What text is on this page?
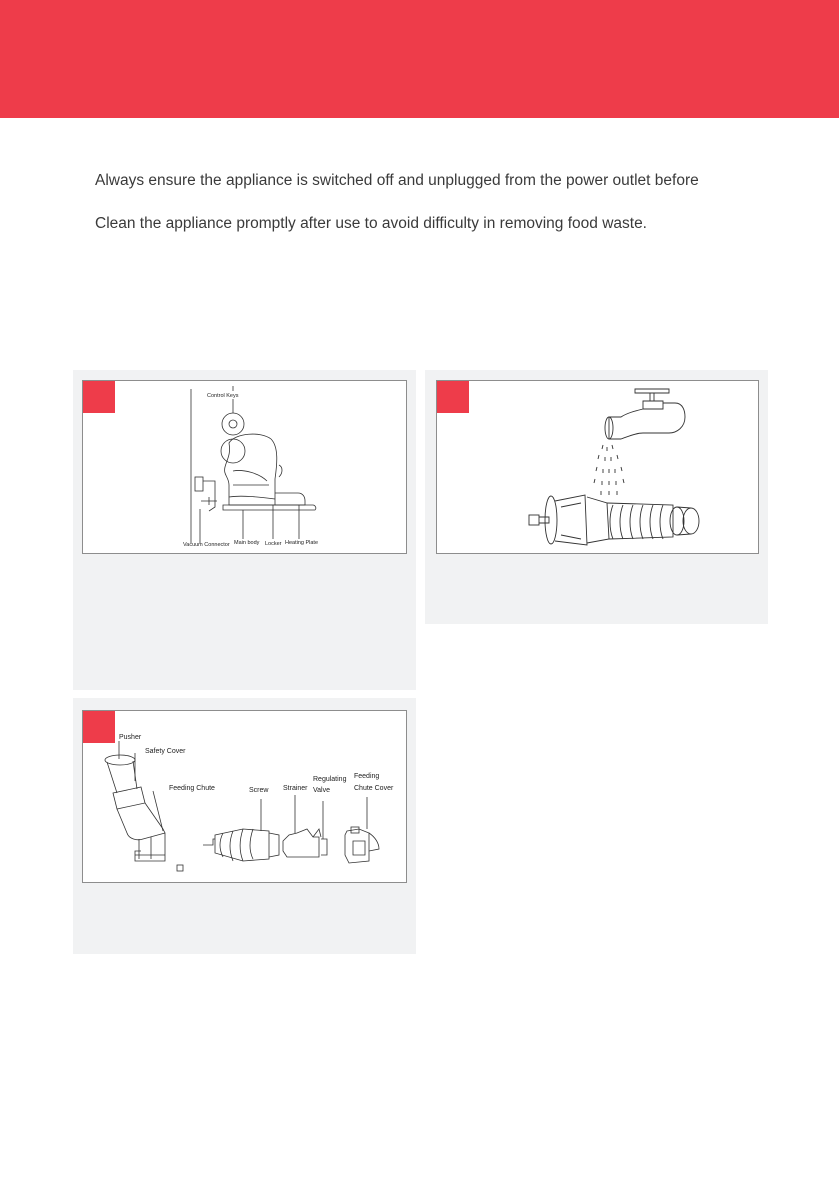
Always ensure the appliance is switched off and unplugged from the power outlet before

Clean the appliance promptly after use to avoid difficulty in removing food waste.

Control Keys
Vacuum Connector Main body Locker Heating Plate
Pusher
Safety Cover
Feeding Chute	Screw Strainer
Regulating
Valve
Feeding
Chute Cover
